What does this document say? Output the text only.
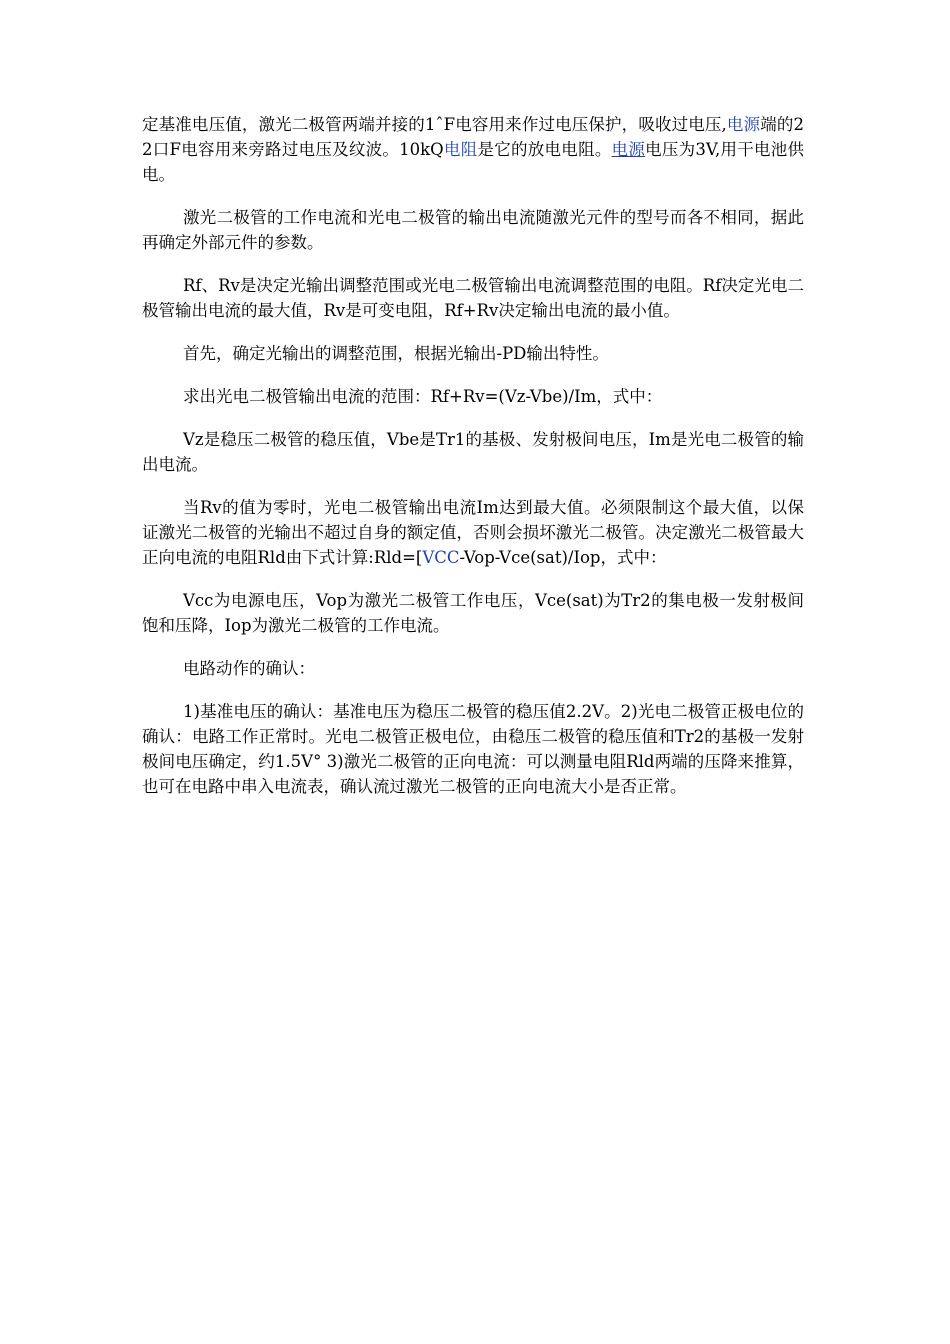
定基准电压值，激光二极管两端并接的1ˆF电容用来作过电压保护，吸收过电压,电源端的22口F电容用来旁路过电压及纹波。10kQ电阻是它的放电电阻。电源电压为3V,用干电池供电。

激光二极管的工作电流和光电二极管的输出电流随激光元件的型号而各不相同，据此再确定外部元件的参数。

Rf、Rv是决定光输出调整范围或光电二极管输出电流调整范围的电阻。Rf决定光电二极管输出电流的最大值，Rv是可变电阻，Rf+Rv决定输出电流的最小值。

首先，确定光输出的调整范围，根据光输出-PD输出特性。

求出光电二极管输出电流的范围：Rf+Rv=(Vz-Vbe)/Im，式中：

Vz是稳压二极管的稳压值，Vbe是Tr1的基极、发射极间电压，Im是光电二极管的输出电流。

当Rv的值为零时，光电二极管输出电流Im达到最大值。必须限制这个最大值，以保证激光二极管的光输出不超过自身的额定值，否则会损坏激光二极管。决定激光二极管最大正向电流的电阻Rld由下式计算:Rld=[VCC-Vop-Vce(sat)/Iop，式中：

Vcc为电源电压，Vop为激光二极管工作电压，Vce(sat)为Tr2的集电极一发射极间饱和压降，Iop为激光二极管的工作电流。

电路动作的确认：

1)基准电压的确认：基准电压为稳压二极管的稳压值2.2V。2)光电二极管正极电位的确认：电路工作正常时。光电二极管正极电位，由稳压二极管的稳压值和Tr2的基极一发射极间电压确定，约1.5V° 3)激光二极管的正向电流：可以测量电阻Rld两端的压降来推算，也可在电路中串入电流表，确认流过激光二极管的正向电流大小是否正常。
